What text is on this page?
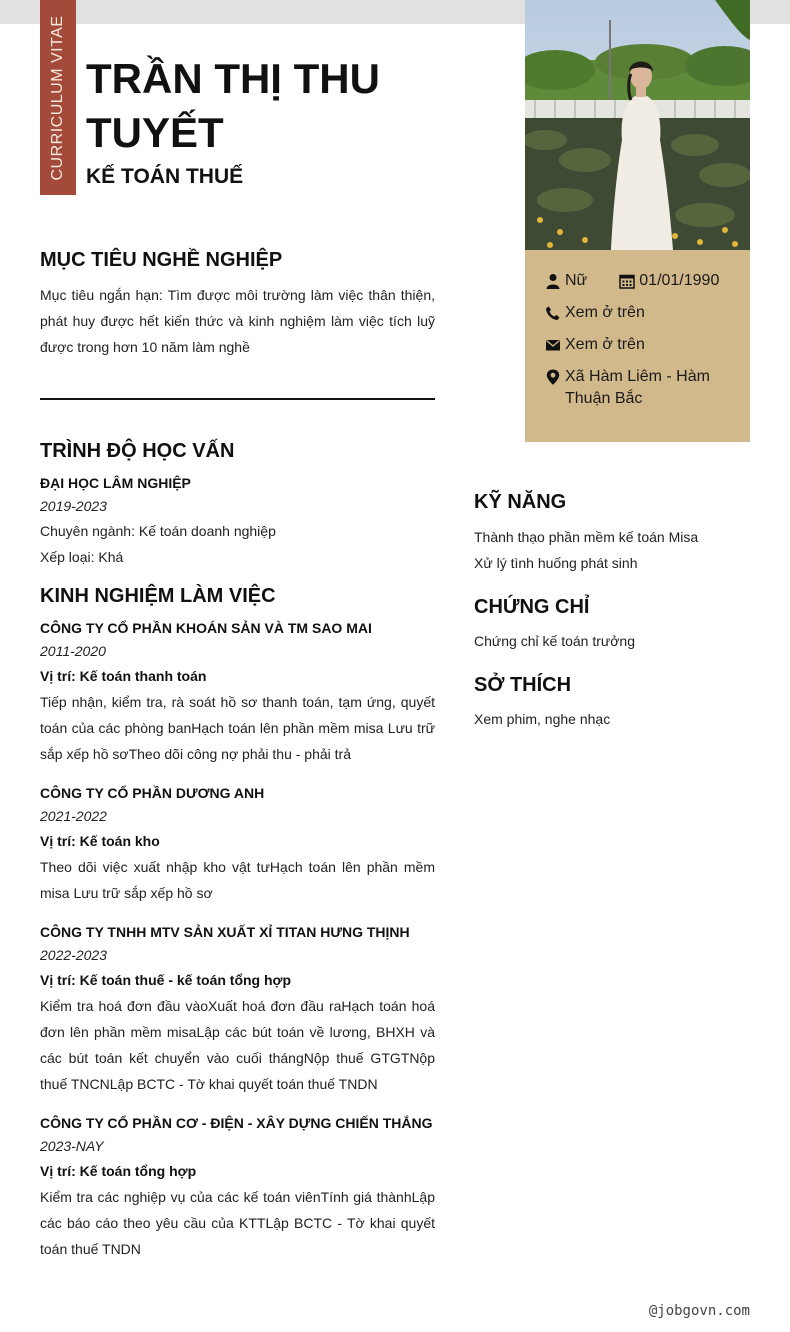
CURRICULUM VITAE TRẦN THỊ THU TUYẾT
KẾ TOÁN THUẾ
Nữ	01/01/1990
Xem ở trên
Xem ở trên
Xã Hàm Liêm - Hàm Thuận Bắc
MỤC TIÊU NGHỀ NGHIỆP
Mục tiêu ngắn hạn: Tìm được môi trường làm việc thân thiện, phát huy được hết kiến thức và kinh nghiệm làm việc tích luỹ được trong hơn 10 năm làm nghề
TRÌNH ĐỘ HỌC VẤN
ĐẠI HỌC LÂM NGHIỆP
2019-2023
Chuyên ngành: Kế toán doanh nghiệp
Xếp loại: Khá
KINH NGHIỆM LÀM VIỆC
CÔNG TY CỔ PHẦN KHOÁN SẢN VÀ TM SAO MAI
2011-2020
Vị trí: Kế toán thanh toán
Tiếp nhận, kiểm tra, rà soát hồ sơ thanh toán, tạm ứng, quyết toán của các phòng banHạch toán lên phần mềm misa Lưu trữ sắp xếp hồ sơTheo dõi công nợ phải thu - phải trả
CÔNG TY CỔ PHẦN DƯƠNG ANH
2021-2022
Vị trí: Kế toán kho
Theo dõi việc xuất nhập kho vật tưHạch toán lên phần mềm misa Lưu trữ sắp xếp hồ sơ
CÔNG TY TNHH MTV SẢN XUẤT XỈ TITAN HƯNG THỊNH
2022-2023
Vị trí: Kế toán thuế - kế toán tổng hợp
Kiểm tra hoá đơn đầu vàoXuất hoá đơn đầu raHạch toán hoá đơn lên phần mềm misaLập các bút toán về lương, BHXH và các bút toán kết chuyển vào cuối thángNộp thuế GTGTNộp thuế TNCNLập BCTC - Tờ khai quyết toán thuế TNDN
CÔNG TY CỔ PHẦN CƠ - ĐIỆN - XÂY DỰNG CHIẾN THẮNG
2023-NAY
Vị trí: Kế toán tổng hợp
Kiểm tra các nghiệp vụ của các kế toán viênTính giá thànhLập các báo cáo theo yêu cầu của KTTLập BCTC - Tờ khai quyết toán thuế TNDN
KỸ NĂNG
Thành thạo phần mềm kế toán Misa
Xử lý tình huống phát sinh
CHỨNG CHỈ
Chứng chỉ kế toán trưởng
SỞ THÍCH
Xem phim, nghe nhạc
@jobgovn.com
